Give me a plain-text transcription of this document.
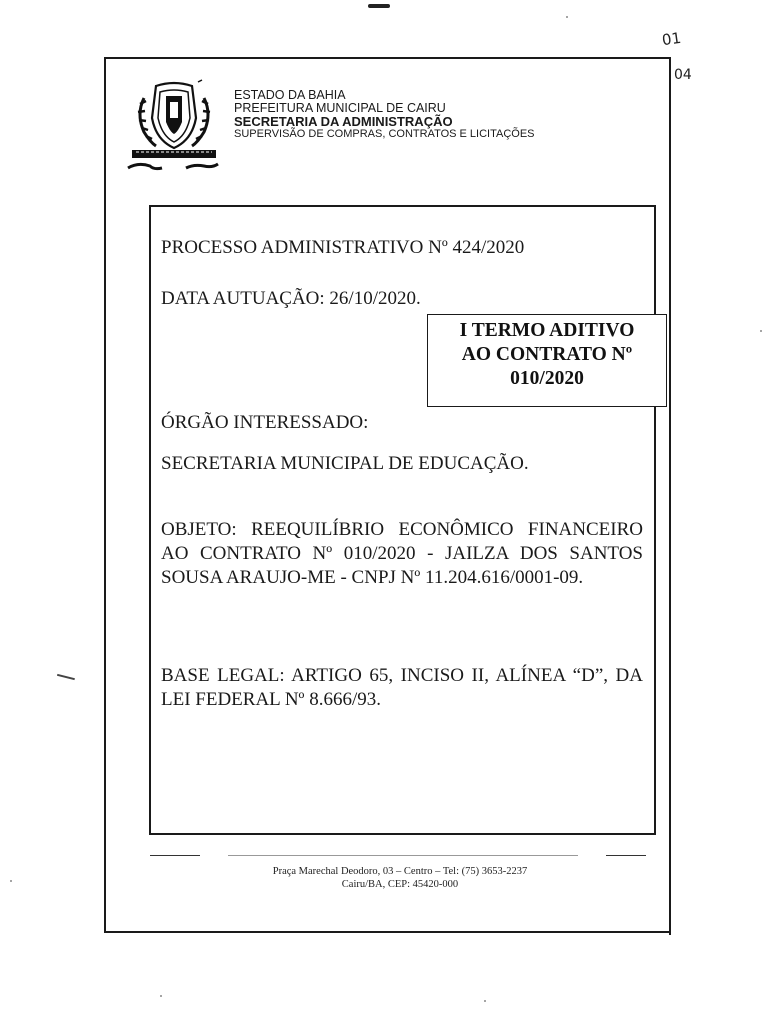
01
04
ESTADO DA BAHIA
PREFEITURA MUNICIPAL DE CAIRU
SECRETARIA DA ADMINISTRAÇÃO
SUPERVISÃO DE COMPRAS, CONTRATOS E LICITAÇÕES
PROCESSO ADMINISTRATIVO Nº 424/2020
DATA AUTUAÇÃO: 26/10/2020.
I TERMO ADITIVO
AO CONTRATO Nº
010/2020
ÓRGÃO INTERESSADO:
SECRETARIA MUNICIPAL DE EDUCAÇÃO.
OBJETO: REEQUILÍBRIO ECONÔMICO FINANCEIRO AO CONTRATO Nº 010/2020 - JAILZA DOS SANTOS SOUSA ARAUJO-ME - CNPJ Nº 11.204.616/0001-09.
BASE LEGAL: ARTIGO 65, INCISO II, ALÍNEA “D”, DA LEI FEDERAL Nº 8.666/93.
Praça Marechal Deodoro, 03 – Centro – Tel: (75) 3653-2237
Cairu/BA, CEP: 45420-000
